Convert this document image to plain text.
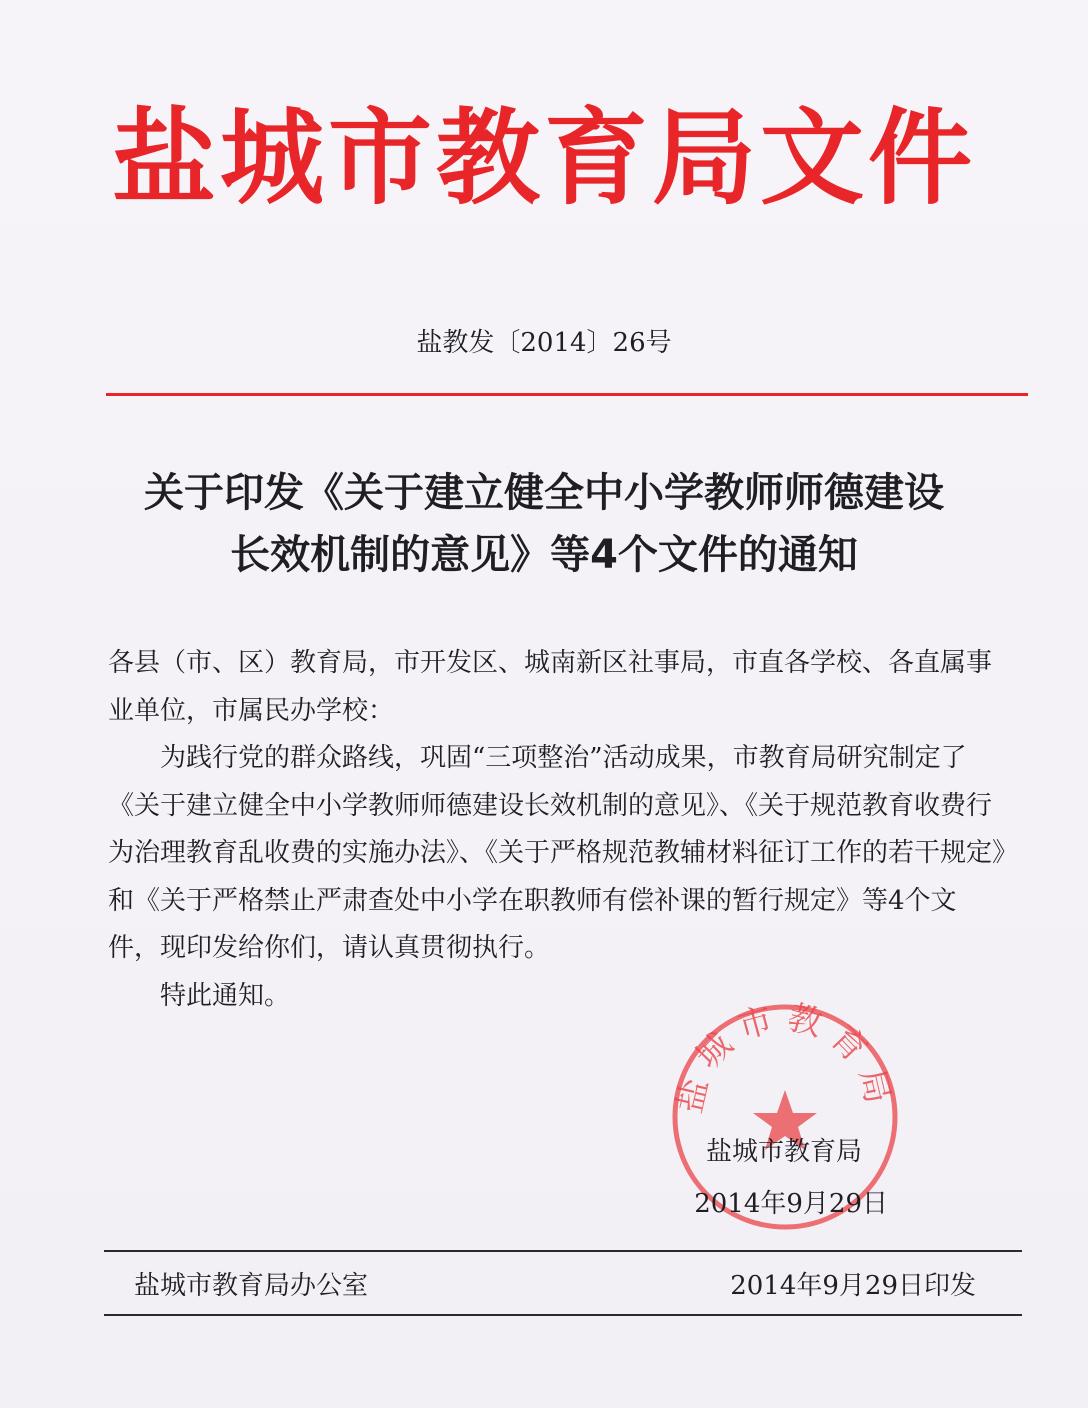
盐城市教育局文件
盐教发〔2014〕26号
关于印发《关于建立健全中小学教师师德建设
长效机制的意见》等4个文件的通知

各县（市、区）教育局，市开发区、城南新区社事局，市直各学校、各直属事业单位，市属民办学校：

为践行党的群众路线，巩固“三项整治”活动成果，市教育局研究制定了《关于建立健全中小学教师师德建设长效机制的意见》、《关于规范教育收费行为治理教育乱收费的实施办法》、《关于严格规范教辅材料征订工作的若干规定》和《关于严格禁止严肃查处中小学在职教师有偿补课的暂行规定》等4个文件，现印发给你们，请认真贯彻执行。

特此通知。

盐城市教育局
盐城市教育局
2014年9月29日
盐城市教育局办公室	2014年9月29日印发
